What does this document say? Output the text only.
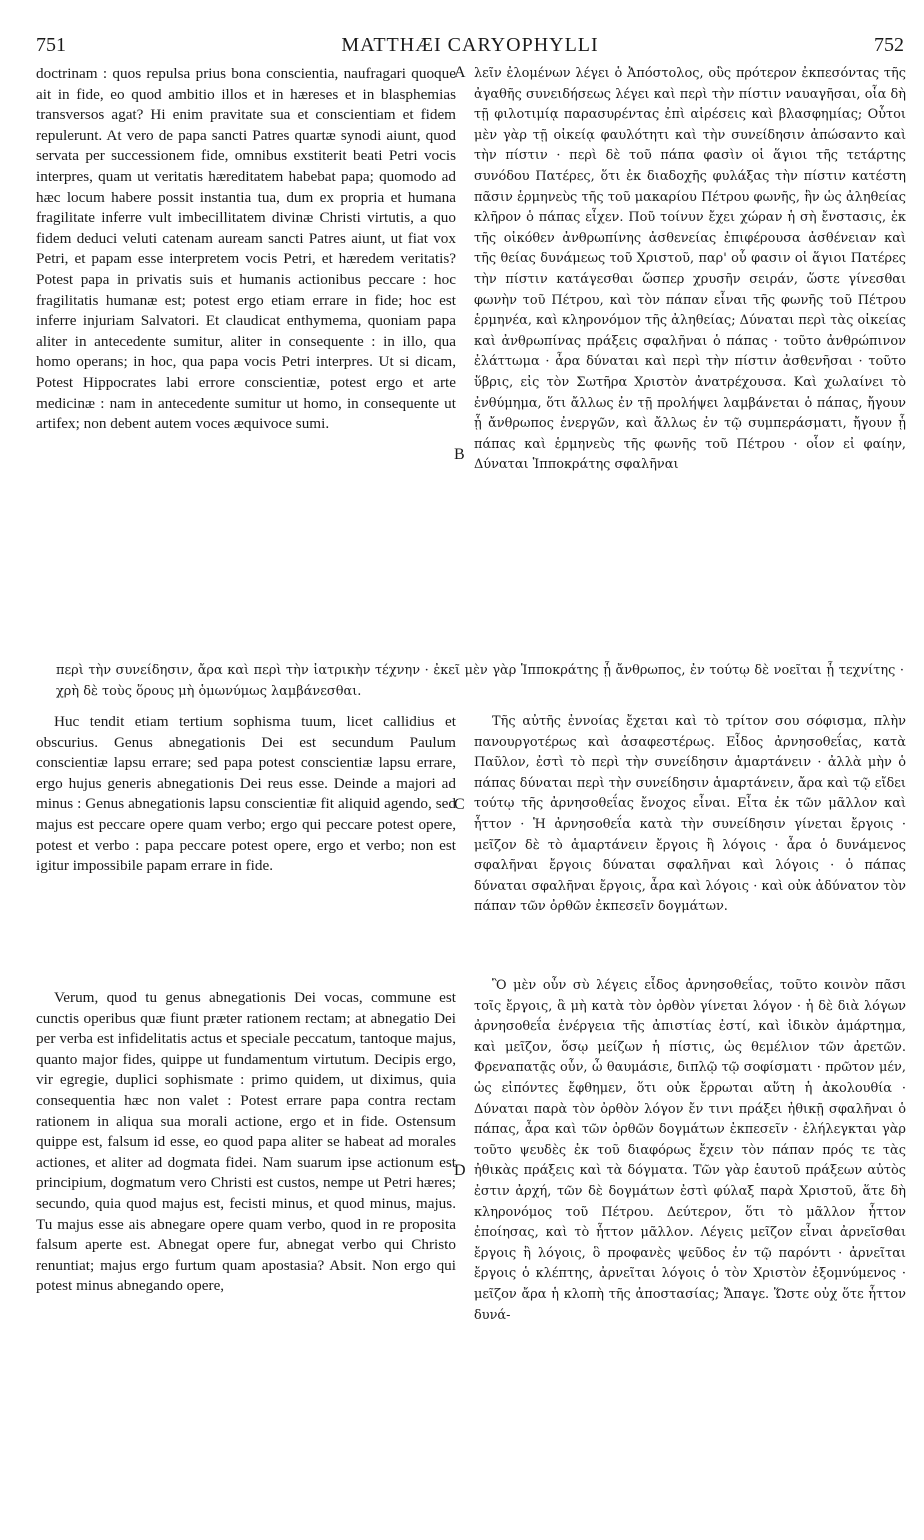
751	MATTHÆI CARYOPHYLLI	752
A
B
C
D

doctrinam : quos repulsa prius bona conscientia, naufragari quoque ait in fide, eo quod ambitio illos et in hæreses et in blasphemias transversos agat? Hi enim pravitate sua et conscientiam et fidem repulerunt. At vero de papa sancti Patres quartæ synodi aiunt, quod servata per successionem fide, omnibus exstiterit beati Petri vocis interpres, quam ut veritatis hæreditatem habebat papa; quomodo ad hæc locum habere possit instantia tua, dum ex propria et humana fragilitate inferre vult imbecillitatem divinæ Christi virtutis, a quo fidem deduci veluti catenam auream sancti Patres aiunt, ut fiat vox Petri, et papam esse interpretem vocis Petri, et hæredem veritatis? Potest papa in privatis suis et humanis actionibus peccare : hoc fragilitatis humanæ est; potest ergo etiam errare in fide; hoc est inferre injuriam Salvatori. Et claudicat enthymema, quoniam papa aliter in antecedente sumitur, aliter in consequente : in illo, qua homo operans; in hoc, qua papa vocis Petri interpres. Ut si dicam, Potest Hippocrates labi errore conscientiæ, potest ergo et arte medicinæ : nam in antecedente sumitur ut homo, in consequente ut artifex; non debent autem voces æquivoce sumi.

λεῖν ἐλομένων λέγει ὁ Ἀπόστολος, οὓς πρότερον ἐκπεσόντας τῆς ἀγαθῆς συνειδήσεως λέγει καὶ περὶ τὴν πίστιν ναυαγῆσαι, οἷα δὴ τῇ φιλοτιμίᾳ παρασυρέντας ἐπὶ αἱρέσεις καὶ βλασφημίας; Οὗτοι μὲν γὰρ τῇ οἰκείᾳ φαυλότητι καὶ τὴν συνείδησιν ἀπώσαντο καὶ τὴν πίστιν · περὶ δὲ τοῦ πάπα φασὶν οἱ ἅγιοι τῆς τετάρτης συνόδου Πατέρες, ὅτι ἐκ διαδοχῆς φυλάξας τὴν πίστιν κατέστη πᾶσιν ἑρμηνεὺς τῆς τοῦ μακαρίου Πέτρου φωνῆς, ἣν ὡς ἀληθείας κλῆρον ὁ πάπας εἶχεν. Ποῦ τοίνυν ἔχει χώραν ἡ σὴ ἔνστασις, ἐκ τῆς οἰκόθεν ἀνθρωπίνης ἀσθενείας ἐπιφέρουσα ἀσθένειαν καὶ τῆς θείας δυνάμεως τοῦ Χριστοῦ, παρ' οὗ φασιν οἱ ἅγιοι Πατέρες τὴν πίστιν κατάγεσθαι ὥσπερ χρυσῆν σειράν, ὥστε γίνεσθαι φωνὴν τοῦ Πέτρου, καὶ τὸν πάπαν εἶναι τῆς φωνῆς τοῦ Πέτρου ἑρμηνέα, καὶ κληρονόμον τῆς ἀληθείας; Δύναται περὶ τὰς οἰκείας καὶ ἀνθρωπίνας πράξεις σφαλῆναι ὁ πάπας · τοῦτο ἀνθρώπινον ἐλάττωμα · ἆρα δύναται καὶ περὶ τὴν πίστιν ἀσθενῆσαι · τοῦτο ὕβρις, εἰς τὸν Σωτῆρα Χριστὸν ἀνατρέχουσα. Καὶ χωλαίνει τὸ ἐνθύμημα, ὅτι ἄλλως ἐν τῇ προλήψει λαμβάνεται ὁ πάπας, ἤγουν ᾗ ἄνθρωπος ἐνεργῶν, καὶ ἄλλως ἐν τῷ συμπεράσματι, ἤγουν ᾗ πάπας καὶ ἑρμηνεὺς τῆς φωνῆς τοῦ Πέτρου · οἷον εἰ φαίην, Δύναται Ἱπποκράτης σφαλῆναι

περὶ τὴν συνείδησιν, ἄρα καὶ περὶ τὴν ἰατρικὴν τέχνην · ἐκεῖ μὲν γὰρ Ἱπποκράτης ᾗ ἄνθρωπος, ἐν τούτῳ δὲ νοεῖται ᾗ τεχνίτης · χρὴ δὲ τοὺς ὅρους μὴ ὁμωνύμως λαμβάνεσθαι.

Huc tendit etiam tertium sophisma tuum, licet callidius et obscurius. Genus abnegationis Dei est secundum Paulum conscientiæ lapsu errare; sed papa potest conscientiæ lapsu errare, ergo hujus generis abnegationis Dei reus esse. Deinde a majori ad minus : Genus abnegationis lapsu conscientiæ fit aliquid agendo, sed majus est peccare opere quam verbo; ergo qui peccare potest opere, potest et verbo : papa peccare potest opere, ergo et verbo; non est igitur impossibile papam errare in fide.

Τῆς αὐτῆς ἐννοίας ἔχεται καὶ τὸ τρίτον σου σόφισμα, πλὴν πανουργοτέρως καὶ ἀσαφεστέρως. Εἶδος ἀρνησοθεΐας, κατὰ Παῦλον, ἐστὶ τὸ περὶ τὴν συνείδησιν ἁμαρτάνειν · ἀλλὰ μὴν ὁ πάπας δύναται περὶ τὴν συνείδησιν ἁμαρτάνειν, ἄρα καὶ τῷ εἴδει τούτῳ τῆς ἀρνησοθεΐας ἔνοχος εἶναι. Εἶτα ἐκ τῶν μᾶλλον καὶ ἧττον · Ἡ ἀρνησοθεΐα κατὰ τὴν συνείδησιν γίνεται ἔργοις · μεῖζον δὲ τὸ ἁμαρτάνειν ἔργοις ἢ λόγοις · ἆρα ὁ δυνάμενος σφαλῆναι ἔργοις δύναται σφαλῆναι καὶ λόγοις · ὁ πάπας δύναται σφαλῆναι ἔργοις, ἆρα καὶ λόγοις · καὶ οὐκ ἀδύνατον τὸν πάπαν τῶν ὀρθῶν ἐκπεσεῖν δογμάτων.

Verum, quod tu genus abnegationis Dei vocas, commune est cunctis operibus quæ fiunt præter rationem rectam; at abnegatio Dei per verba est infidelitatis actus et speciale peccatum, tantoque majus, quanto major fides, quippe ut fundamentum virtutum. Decipis ergo, vir egregie, duplici sophismate : primo quidem, ut diximus, quia consequentia hæc non valet : Potest errare papa contra rectam rationem in aliqua sua morali actione, ergo et in fide. Ostensum quippe est, falsum id esse, eo quod papa aliter se habeat ad morales actiones, et aliter ad dogmata fidei. Nam suarum ipse actionum est principium, dogmatum vero Christi est custos, nempe ut Petri hæres; secundo, quia quod majus est, fecisti minus, et quod minus, majus. Tu majus esse ais abnegare opere quam verbo, quod in re proposita falsum aperte est. Abnegat opere fur, abnegat verbo qui Christo renuntiat; majus ergo furtum quam apostasia? Absit. Non ergo qui potest minus abnegando opere,

Ὃ μὲν οὖν σὺ λέγεις εἶδος ἀρνησοθεΐας, τοῦτο κοινὸν πᾶσι τοῖς ἔργοις, ἃ μὴ κατὰ τὸν ὀρθὸν γίνεται λόγον · ἡ δὲ διὰ λόγων ἀρνησοθεΐα ἐνέργεια τῆς ἀπιστίας ἐστί, καὶ ἰδικὸν ἁμάρτημα, καὶ μεῖζον, ὅσῳ μείζων ἡ πίστις, ὡς θεμέλιον τῶν ἀρετῶν. Φρεναπατᾷς οὖν, ὦ θαυμάσιε, διπλῷ τῷ σοφίσματι · πρῶτον μέν, ὡς εἰπόντες ἔφθημεν, ὅτι οὐκ ἔρρωται αὕτη ἡ ἀκολουθία · Δύναται παρὰ τὸν ὀρθὸν λόγον ἔν τινι πράξει ἠθικῇ σφαλῆναι ὁ πάπας, ἆρα καὶ τῶν ὀρθῶν δογμάτων ἐκπεσεῖν · ἐλήλεγκται γὰρ τοῦτο ψευδὲς ἐκ τοῦ διαφόρως ἔχειν τὸν πάπαν πρός τε τὰς ἠθικὰς πράξεις καὶ τὰ δόγματα. Τῶν γὰρ ἑαυτοῦ πράξεων αὐτὸς ἐστιν ἀρχή, τῶν δὲ δογμάτων ἐστὶ φύλαξ παρὰ Χριστοῦ, ἅτε δὴ κληρονόμος τοῦ Πέτρου. Δεύτερον, ὅτι τὸ μᾶλλον ἧττον ἐποίησας, καὶ τὸ ἧττον μᾶλλον. Λέγεις μεῖζον εἶναι ἀρνεῖσθαι ἔργοις ἢ λόγοις, ὃ προφανὲς ψεῦδος ἐν τῷ παρόντι · ἀρνεῖται ἔργοις ὁ κλέπτης, ἀρνεῖται λόγοις ὁ τὸν Χριστὸν ἐξομνύμενος · μεῖζον ἄρα ἡ κλοπὴ τῆς ἀποστασίας; Ἄπαγε. Ὥστε οὐχ ὅτε ἧττον δυνά-
